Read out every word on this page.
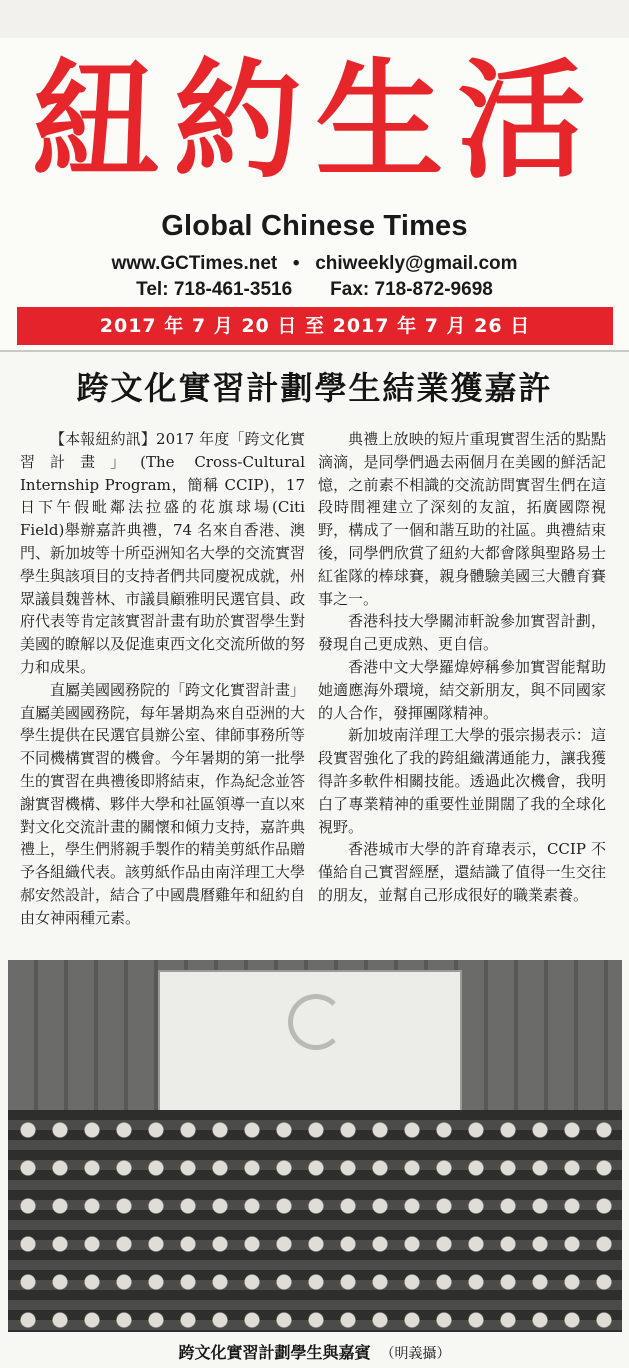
紐約生活
Global Chinese Times
www.GCTimes.net • chiweekly@gmail.com
Tel: 718-461-3516 Fax: 718-872-9698
2017 年 7 月 20 日 至 2017 年 7 月 26 日
跨文化實習計劃學生結業獲嘉許

【本報紐約訊】2017 年度「跨文化實習計畫」(The Cross-Cultural Internship Program，簡稱 CCIP)，17 日下午假毗鄰法拉盛的花旗球場(Citi Field)舉辦嘉許典禮，74 名來自香港、澳門、新加坡等十所亞洲知名大學的交流實習學生與該項目的支持者們共同慶祝成就，州眾議員魏普林、市議員顧雅明民選官員、政府代表等肯定該實習計畫有助於實習學生對美國的瞭解以及促進東西文化交流所做的努力和成果。

直屬美國國務院的「跨文化實習計畫」直屬美國國務院，每年暑期為來自亞洲的大學生提供在民選官員辦公室、律師事務所等不同機構實習的機會。今年暑期的第一批學生的實習在典禮後即將結束，作為紀念並答謝實習機構、夥伴大學和社區領導一直以來對文化交流計畫的關懷和傾力支持，嘉許典禮上，學生們將親手製作的精美剪紙作品贈予各組織代表。該剪紙作品由南洋理工大學郝安然設計，結合了中國農曆雞年和紐約自由女神兩種元素。

典禮上放映的短片重現實習生活的點點滴滴，是同學們過去兩個月在美國的鮮活記憶，之前素不相識的交流訪問實習生們在這段時間裡建立了深刻的友誼，拓廣國際視野，構成了一個和諧互助的社區。典禮結束後，同學們欣賞了紐約大都會隊與聖路易士紅雀隊的棒球賽，親身體驗美國三大體育賽事之一。

香港科技大學關沛軒說參加實習計劃，發現自己更成熟、更自信。

香港中文大學羅煒婷稱參加實習能幫助她適應海外環境，結交新朋友，與不同國家的人合作，發揮團隊精神。

新加坡南洋理工大學的張宗揚表示：這段實習強化了我的跨組織溝通能力，讓我獲得許多軟件相關技能。透過此次機會，我明白了專業精神的重要性並開闊了我的全球化視野。

香港城市大學的許育瑋表示，CCIP 不僅給自己實習經歷，還結識了值得一生交往的朋友，並幫自己形成很好的職業素養。

跨文化實習計劃學生與嘉賓 （明義攝）
